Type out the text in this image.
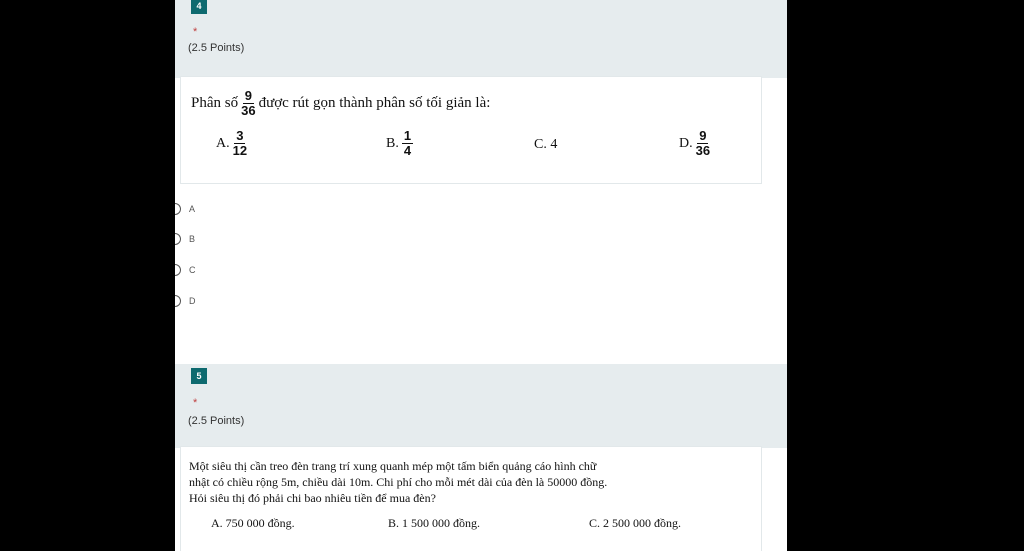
4
*
(2.5 Points)
Phân số $\frac{9}{36}$ được rút gọn thành phân số tối giản là:
A. $\frac{3}{12}$	B. $\frac{1}{4}$	C. 4	D. $\frac{9}{36}$
A
B
C
D
5
*
(2.5 Points)
Một siêu thị cần treo đèn trang trí xung quanh mép một tấm biển quảng cáo hình chữ
nhật có chiều rộng 5m, chiều dài 10m. Chi phí cho mỗi mét dài của đèn là 50000 đồng.
Hỏi siêu thị đó phải chi bao nhiêu tiền để mua đèn?
A. 750 000 đồng.	B. 1 500 000 đồng.	C. 2 500 000 đồng.
